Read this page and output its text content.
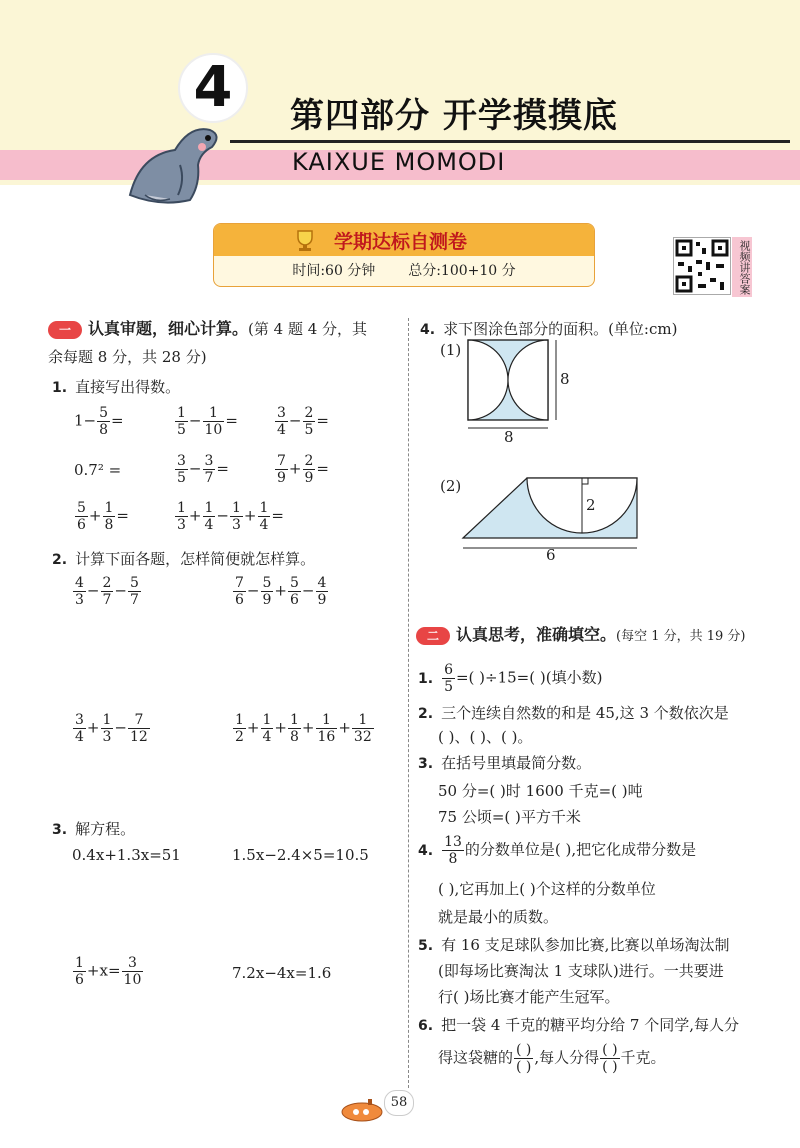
4	第四部分 开学摸摸底
KAIXUE MOMODI
学期达标自测卷
时间:60 分钟 总分:100+10 分	视频讲答案
一 认真审题，细心计算。(第 4 题 4 分，其
余每题 8 分，共 28 分)
1. 直接写出得数。
$1- \frac{5}{8}$ =	$\frac{1}{5} - \frac{1}{10}$ =	$\frac{3}{4} - \frac{2}{5}$ =
0.7² =	$\frac{3}{5} - \frac{3}{7}$ =	$\frac{7}{9} + \frac{2}{9}$ =
$\frac{5}{6} + \frac{1}{8}$ =	$\frac{1}{3} + \frac{1}{4} - \frac{1}{3} + \frac{1}{4}$ =
2. 计算下面各题，怎样简便就怎样算。
$\frac{4}{3} - \frac{2}{7} - \frac{5}{7}$	$\frac{7}{6} - \frac{5}{9} + \frac{5}{6} - \frac{4}{9}$
$\frac{3}{4} + \frac{1}{3} - \frac{7}{12}$	$\frac{1}{2} + \frac{1}{4} + \frac{1}{8} + \frac{1}{16} + \frac{1}{32}$
3. 解方程。
0.4x+1.3x=51	1.5x−2.4×5=10.5
$\frac{1}{6} +x= \frac{3}{10}$	7.2x−4x=1.6
4. 求下图涂色部分的面积。(单位:cm)
(1)
8
8
(2)
2
6
二 认真思考，准确填空。(每空 1 分，共 19 分)
1. $\frac{6}{5}$ =( )÷15=( )(填小数)
2. 三个连续自然数的和是 45,这 3 个数依次是
( )、( )、( )。
3. 在括号里填最简分数。
50 分=( )时 1600 千克=( )吨
75 公顷=( )平方千米
4. $\frac{13}{8}$ 的分数单位是( ),把它化成带分数是
( ),它再加上( )个这样的分数单位
就是最小的质数。
5. 有 16 支足球队参加比赛,比赛以单场淘汰制
(即每场比赛淘汰 1 支球队)进行。一共要进
行( )场比赛才能产生冠军。
6. 把一袋 4 千克的糖平均分给 7 个同学,每人分
得这袋糖的 ( )
( )
,每人分得 ( )
( )
千克。
58
